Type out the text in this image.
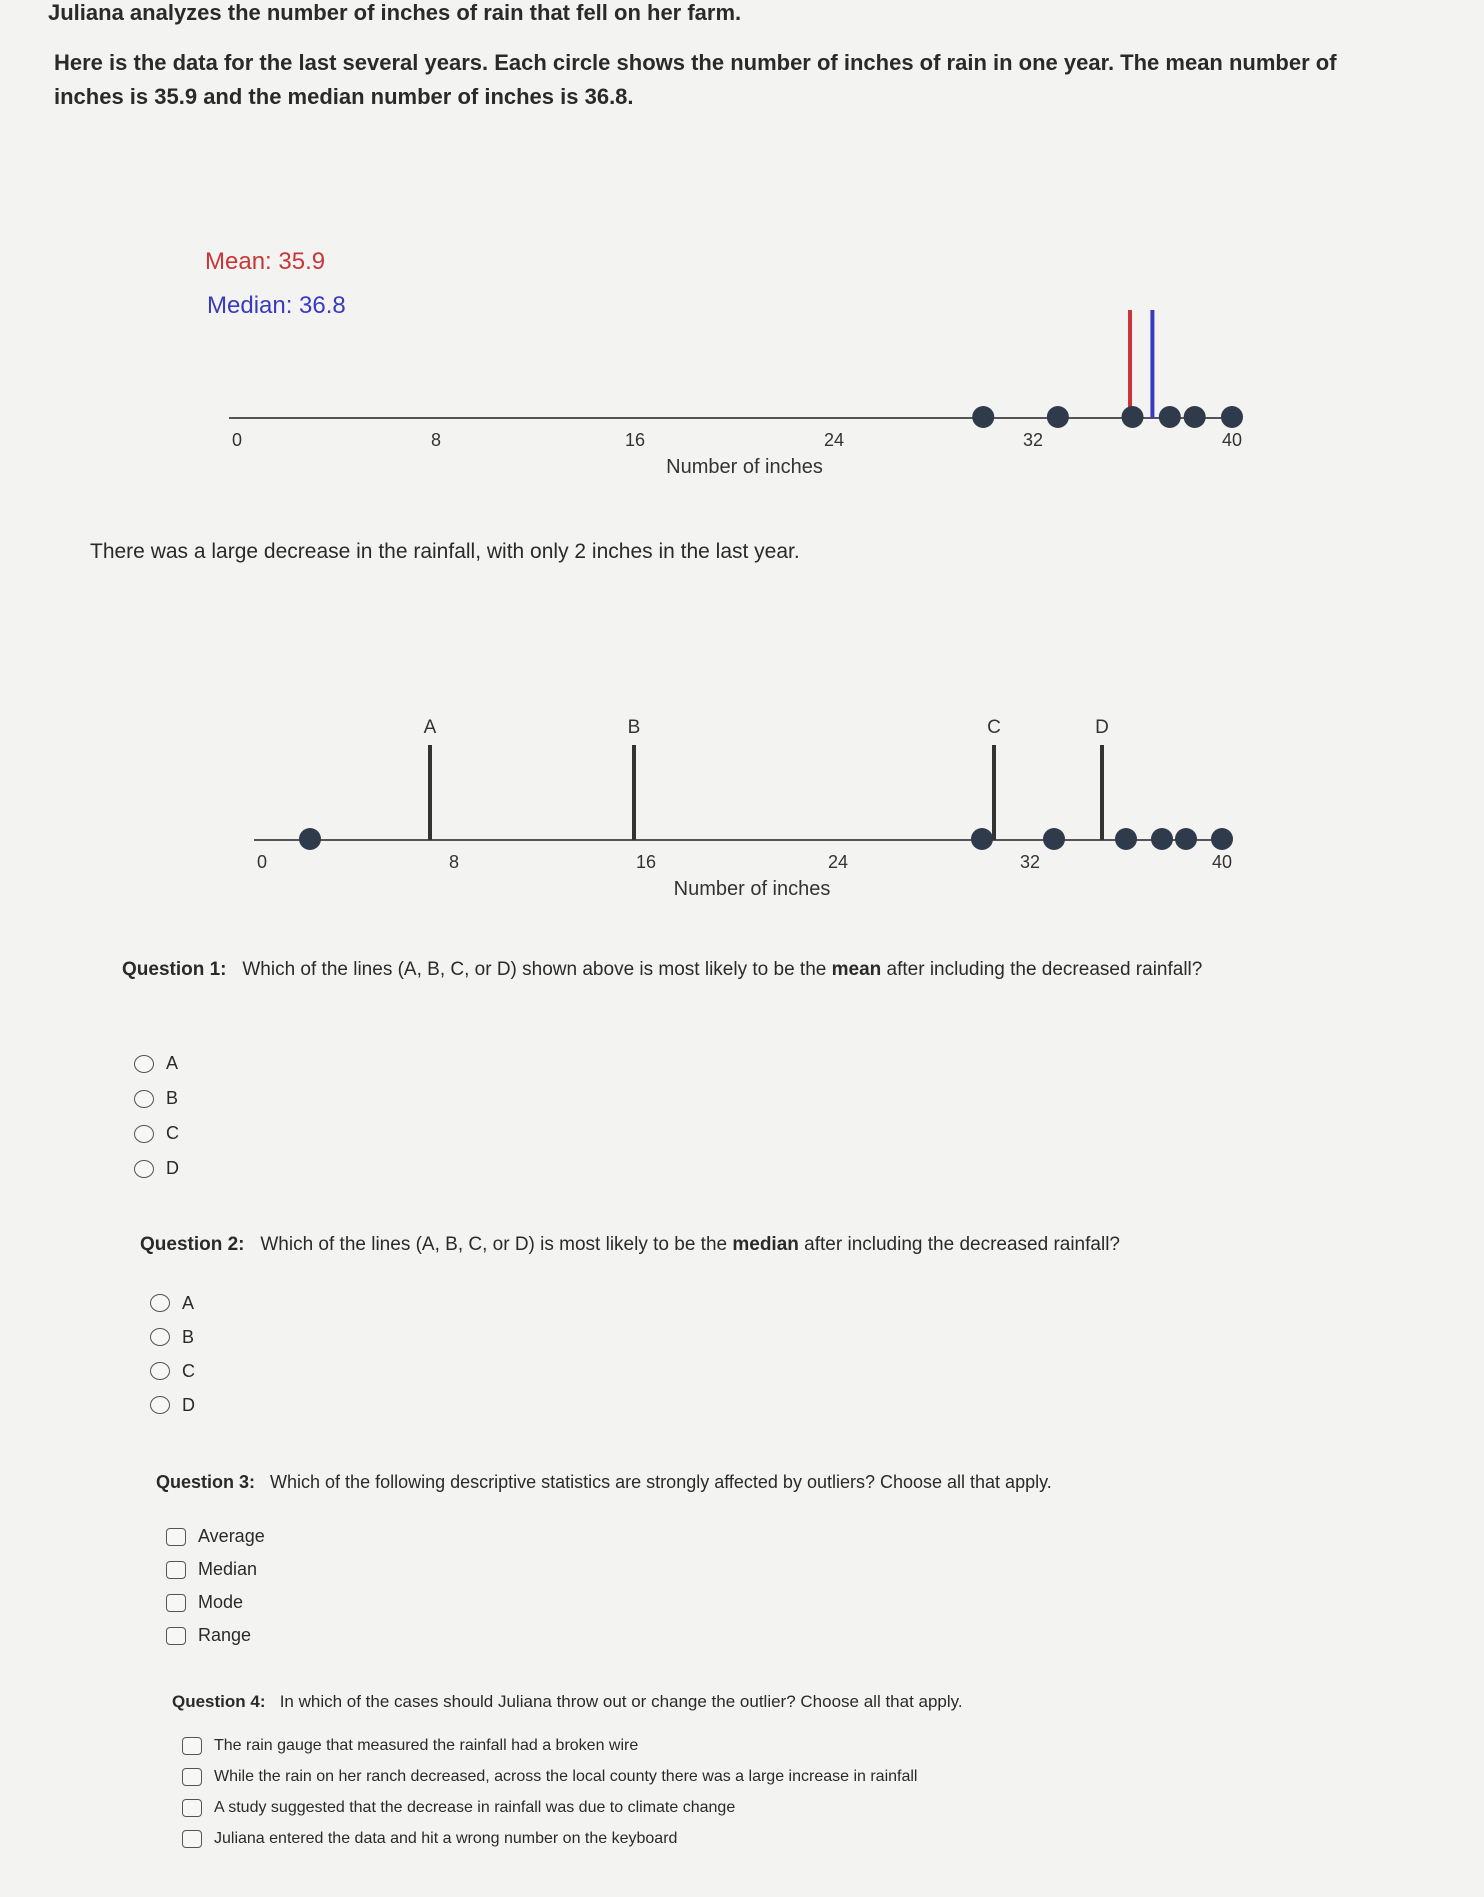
Juliana analyzes the number of inches of rain that fell on her farm.
Here is the data for the last several years. Each circle shows the number of inches of rain in one year. The mean number of inches is 35.9 and the median number of inches is 36.8.
Mean: 35.9
Median: 36.8
0	8	16	24	32	40
Number of inches
There was a large decrease in the rainfall, with only 2 inches in the last year.
0	8	16	24	32	40
Number of inches
A	B	C	D
Question 1: Which of the lines (A, B, C, or D) shown above is most likely to be the mean after including the decreased rainfall?
A
B
C
D
Question 2: Which of the lines (A, B, C, or D) is most likely to be the median after including the decreased rainfall?
A
B
C
D
Question 3: Which of the following descriptive statistics are strongly affected by outliers? Choose all that apply.
Average
Median
Mode
Range
Question 4: In which of the cases should Juliana throw out or change the outlier? Choose all that apply.
The rain gauge that measured the rainfall had a broken wire
While the rain on her ranch decreased, across the local county there was a large increase in rainfall
A study suggested that the decrease in rainfall was due to climate change
Juliana entered the data and hit a wrong number on the keyboard
